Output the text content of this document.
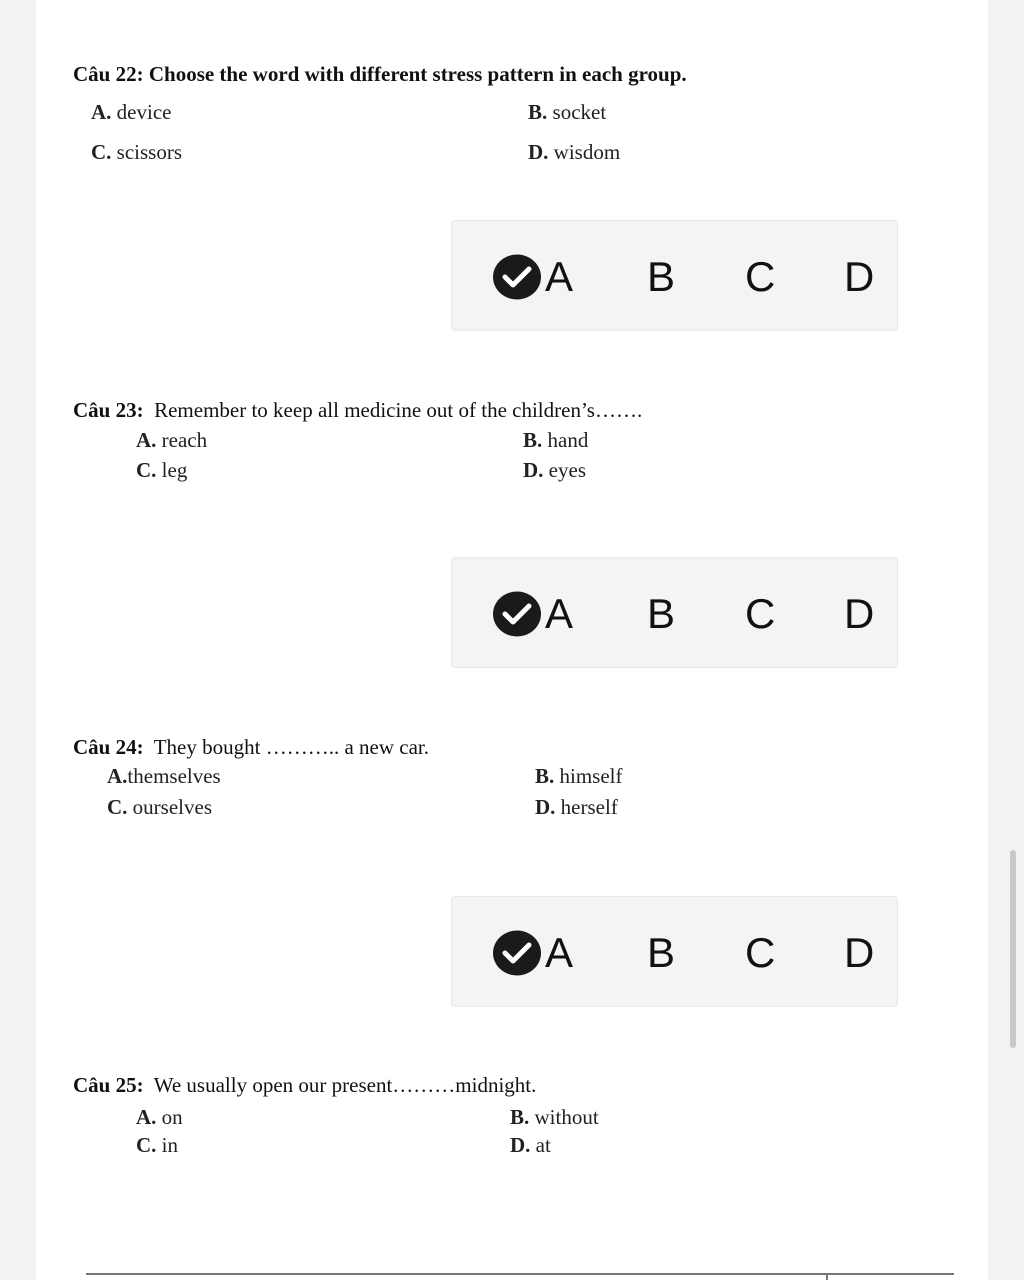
Câu 22: Choose the word with different stress pattern in each group.
A. device	B. socket
C. scissors	D. wisdom
A B C D
Câu 23: Remember to keep all medicine out of the children’s…….
A. reach	B. hand
C. leg	D. eyes
A B C D
Câu 24: They bought ……….. a new car.
A.themselves	B. himself
C. ourselves	D. herself
A B C D
Câu 25: We usually open our present………midnight.
A. on	B. without
C. in	D. at
